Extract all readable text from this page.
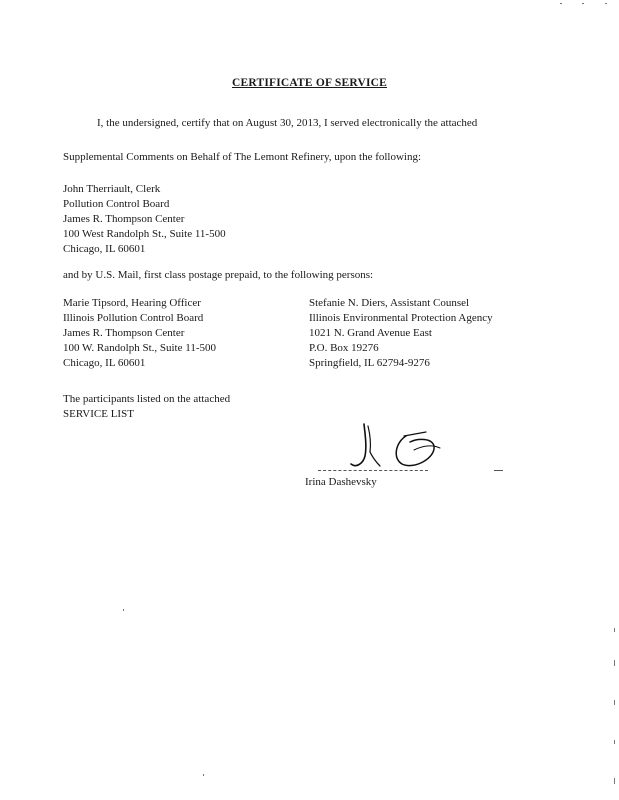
CERTIFICATE OF SERVICE
I, the undersigned, certify that on August 30, 2013, I served electronically the attached
Supplemental Comments on Behalf of The Lemont Refinery, upon the following:
John Therriault, Clerk
Pollution Control Board
James R. Thompson Center
100 West Randolph St., Suite 11-500
Chicago, IL 60601
and by U.S. Mail, first class postage prepaid, to the following persons:
Marie Tipsord, Hearing Officer
Illinois Pollution Control Board
James R. Thompson Center
100 W. Randolph St., Suite 11-500
Chicago, IL 60601
Stefanie N. Diers, Assistant Counsel
Illinois Environmental Protection Agency
1021 N. Grand Avenue East
P.O. Box 19276
Springfield, IL 62794-9276
The participants listed on the attached
SERVICE LIST
Irina Dashevsky
